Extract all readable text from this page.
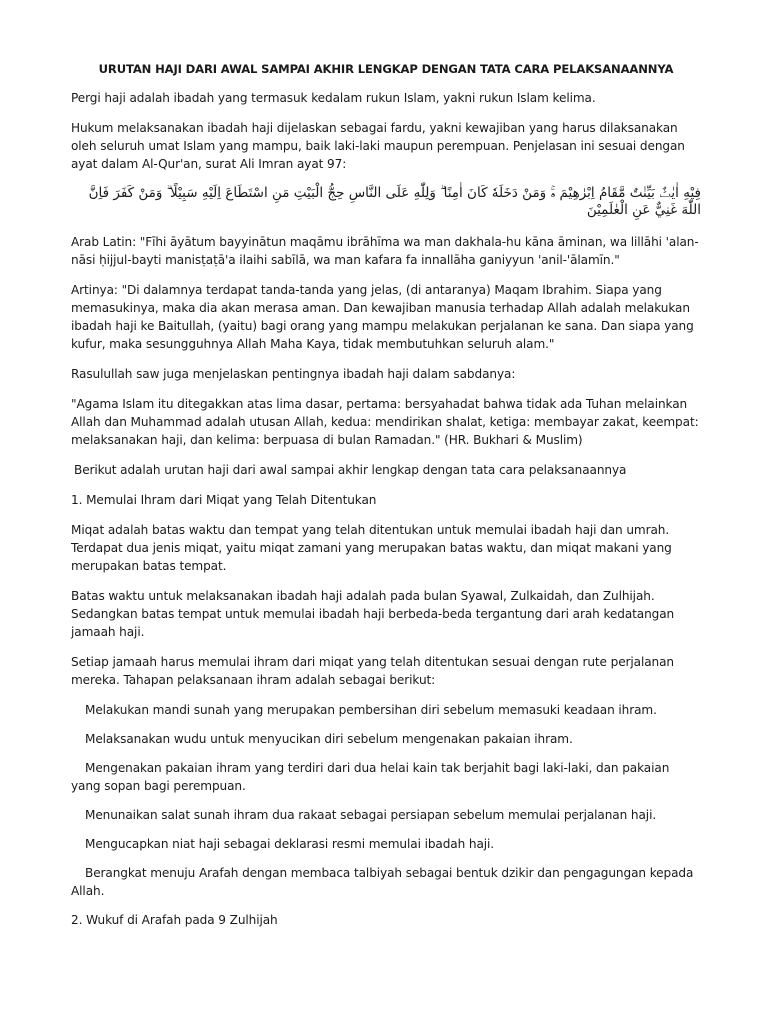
URUTAN HAJI DARI AWAL SAMPAI AKHIR LENGKAP DENGAN TATA CARA PELAKSANAANNYA

Pergi haji adalah ibadah yang termasuk kedalam rukun Islam, yakni rukun Islam kelima.

Hukum melaksanakan ibadah haji dijelaskan sebagai fardu, yakni kewajiban yang harus dilaksanakan oleh seluruh umat Islam yang mampu, baik laki-laki maupun perempuan. Penjelasan ini sesuai dengan ayat dalam Al-Qur'an, surat Ali Imran ayat 97:

فِيْهِ اٰيٰتٌۢ بَيِّنٰتٌ مَّقَامُ اِبْرٰهِيْمَ ەۚ وَمَنْ دَخَلَهٗ كَانَ اٰمِنًا ۗ وَلِلّٰهِ عَلَى النَّاسِ حِجُّ الْبَيْتِ مَنِ اسْتَطَاعَ اِلَيْهِ سَبِيْلًا ۗ وَمَنْ كَفَرَ فَاِنَّ اللّٰهَ غَنِيٌّ عَنِ الْعٰلَمِيْنَ

Arab Latin: "Fīhi āyātum bayyinātun maqāmu ibrāhīma wa man dakhala-hu kāna āminan, wa lillāhi 'alan-nāsi ḥijjul-bayti manisṭaṭā'a ilaihi sabīlā, wa man kafara fa innallāha ganiyyun 'anil-'ālamīn."

Artinya: "Di dalamnya terdapat tanda-tanda yang jelas, (di antaranya) Maqam Ibrahim. Siapa yang memasukinya, maka dia akan merasa aman. Dan kewajiban manusia terhadap Allah adalah melakukan ibadah haji ke Baitullah, (yaitu) bagi orang yang mampu melakukan perjalanan ke sana. Dan siapa yang kufur, maka sesungguhnya Allah Maha Kaya, tidak membutuhkan seluruh alam."

Rasulullah saw juga menjelaskan pentingnya ibadah haji dalam sabdanya:

"Agama Islam itu ditegakkan atas lima dasar, pertama: bersyahadat bahwa tidak ada Tuhan melainkan Allah dan Muhammad adalah utusan Allah, kedua: mendirikan shalat, ketiga: membayar zakat, keempat: melaksanakan haji, dan kelima: berpuasa di bulan Ramadan." (HR. Bukhari & Muslim)

Berikut adalah urutan haji dari awal sampai akhir lengkap dengan tata cara pelaksanaannya

1. Memulai Ihram dari Miqat yang Telah Ditentukan

Miqat adalah batas waktu dan tempat yang telah ditentukan untuk memulai ibadah haji dan umrah. Terdapat dua jenis miqat, yaitu miqat zamani yang merupakan batas waktu, dan miqat makani yang merupakan batas tempat.

Batas waktu untuk melaksanakan ibadah haji adalah pada bulan Syawal, Zulkaidah, dan Zulhijah. Sedangkan batas tempat untuk memulai ibadah haji berbeda-beda tergantung dari arah kedatangan jamaah haji.

Setiap jamaah harus memulai ihram dari miqat yang telah ditentukan sesuai dengan rute perjalanan mereka. Tahapan pelaksanaan ihram adalah sebagai berikut:

Melakukan mandi sunah yang merupakan pembersihan diri sebelum memasuki keadaan ihram.

Melaksanakan wudu untuk menyucikan diri sebelum mengenakan pakaian ihram.

Mengenakan pakaian ihram yang terdiri dari dua helai kain tak berjahit bagi laki-laki, dan pakaian yang sopan bagi perempuan.

Menunaikan salat sunah ihram dua rakaat sebagai persiapan sebelum memulai perjalanan haji.

Mengucapkan niat haji sebagai deklarasi resmi memulai ibadah haji.

Berangkat menuju Arafah dengan membaca talbiyah sebagai bentuk dzikir dan pengagungan kepada Allah.

2. Wukuf di Arafah pada 9 Zulhijah
